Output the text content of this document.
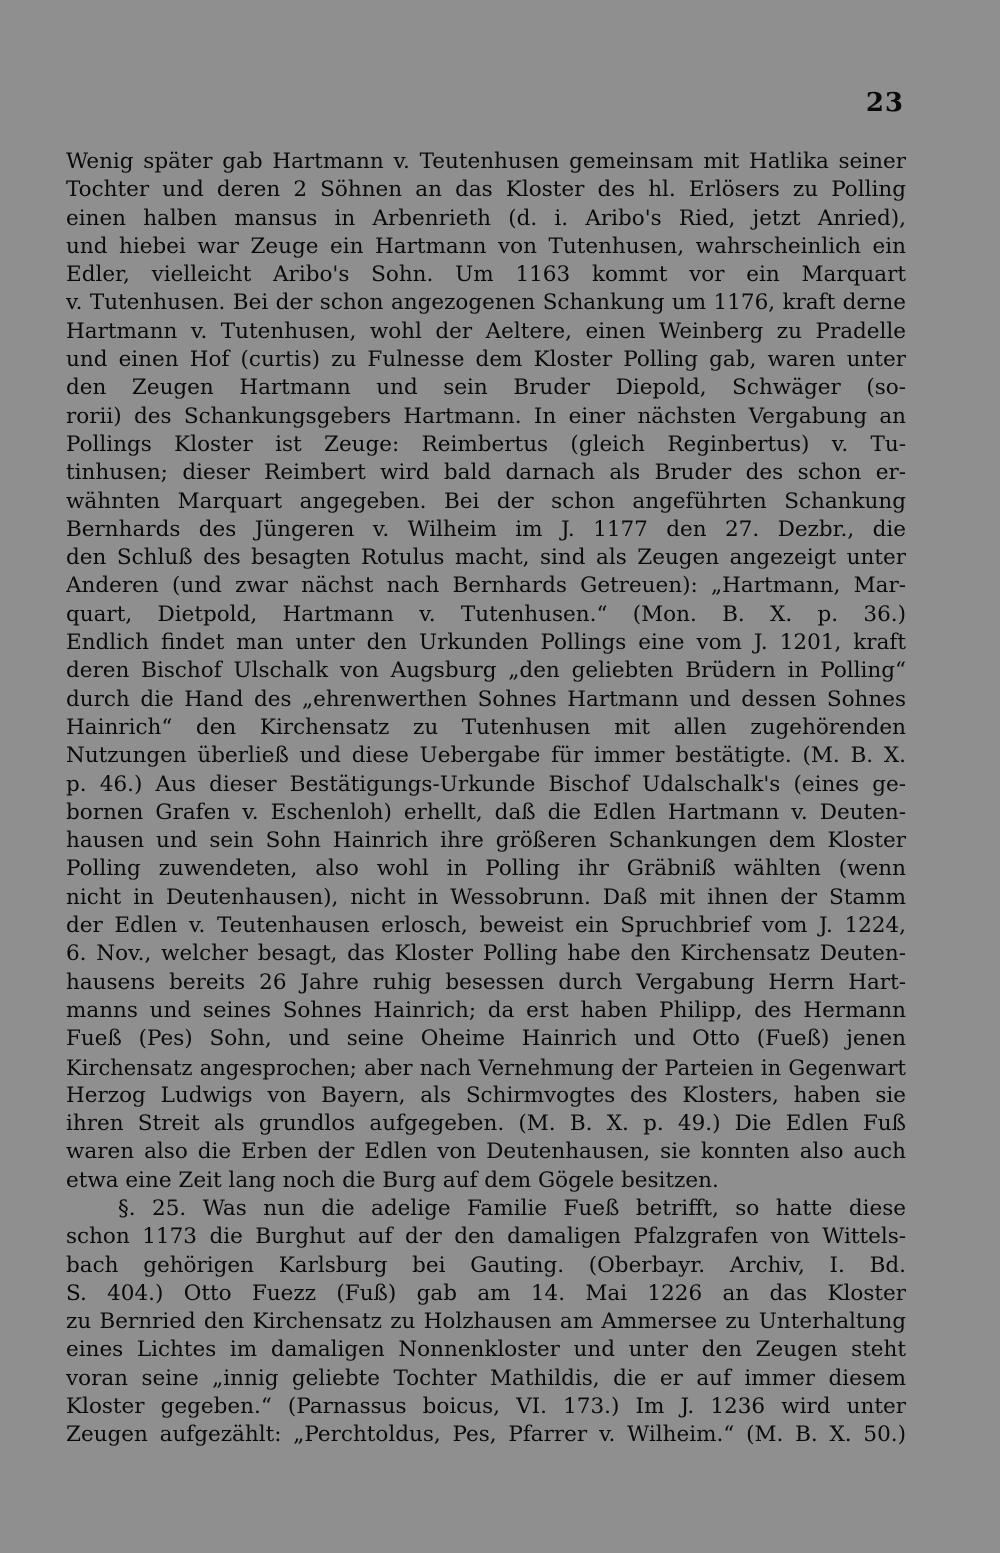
23
Wenig später gab Hartmann v. Teutenhusen gemeinsam mit Hatlika seiner
Tochter und deren 2 Söhnen an das Kloster des hl. Erlösers zu Polling
einen halben mansus in Arbenrieth (d. i. Aribo's Ried, jetzt Anried),
und hiebei war Zeuge ein Hartmann von Tutenhusen, wahrscheinlich ein
Edler, vielleicht Aribo's Sohn. Um 1163 kommt vor ein Marquart
v. Tutenhusen. Bei der schon angezogenen Schankung um 1176, kraft derne
Hartmann v. Tutenhusen, wohl der Aeltere, einen Weinberg zu Pradelle
und einen Hof (curtis) zu Fulnesse dem Kloster Polling gab, waren unter
den Zeugen Hartmann und sein Bruder Diepold, Schwäger (so-
rorii) des Schankungsgebers Hartmann. In einer nächsten Vergabung an
Pollings Kloster ist Zeuge: Reimbertus (gleich Reginbertus) v. Tu-
tinhusen; dieser Reimbert wird bald darnach als Bruder des schon er-
wähnten Marquart angegeben. Bei der schon angeführten Schankung
Bernhards des Jüngeren v. Wilheim im J. 1177 den 27. Dezbr., die
den Schluß des besagten Rotulus macht, sind als Zeugen angezeigt unter
Anderen (und zwar nächst nach Bernhards Getreuen): „Hartmann, Mar-
quart, Dietpold, Hartmann v. Tutenhusen.“ (Mon. B. X. p. 36.)
Endlich findet man unter den Urkunden Pollings eine vom J. 1201, kraft
deren Bischof Ulschalk von Augsburg „den geliebten Brüdern in Polling“
durch die Hand des „ehrenwerthen Sohnes Hartmann und dessen Sohnes
Hainrich“ den Kirchensatz zu Tutenhusen mit allen zugehörenden
Nutzungen überließ und diese Uebergabe für immer bestätigte. (M. B. X.
p. 46.) Aus dieser Bestätigungs-Urkunde Bischof Udalschalk's (eines ge-
bornen Grafen v. Eschenloh) erhellt, daß die Edlen Hartmann v. Deuten-
hausen und sein Sohn Hainrich ihre größeren Schankungen dem Kloster
Polling zuwendeten, also wohl in Polling ihr Gräbniß wählten (wenn
nicht in Deutenhausen), nicht in Wessobrunn. Daß mit ihnen der Stamm
der Edlen v. Teutenhausen erlosch, beweist ein Spruchbrief vom J. 1224,
6. Nov., welcher besagt, das Kloster Polling habe den Kirchensatz Deuten-
hausens bereits 26 Jahre ruhig besessen durch Vergabung Herrn Hart-
manns und seines Sohnes Hainrich; da erst haben Philipp, des Hermann
Fueß (Pes) Sohn, und seine Oheime Hainrich und Otto (Fueß) jenen
Kirchensatz angesprochen; aber nach Vernehmung der Parteien in Gegenwart
Herzog Ludwigs von Bayern, als Schirmvogtes des Klosters, haben sie
ihren Streit als grundlos aufgegeben. (M. B. X. p. 49.) Die Edlen Fuß
waren also die Erben der Edlen von Deutenhausen, sie konnten also auch
etwa eine Zeit lang noch die Burg auf dem Gögele besitzen.
§. 25. Was nun die adelige Familie Fueß betrifft, so hatte diese
schon 1173 die Burghut auf der den damaligen Pfalzgrafen von Wittels-
bach gehörigen Karlsburg bei Gauting. (Oberbayr. Archiv, I. Bd.
S. 404.) Otto Fuezz (Fuß) gab am 14. Mai 1226 an das Kloster
zu Bernried den Kirchensatz zu Holzhausen am Ammersee zu Unterhaltung
eines Lichtes im damaligen Nonnenkloster und unter den Zeugen steht
voran seine „innig geliebte Tochter Mathildis, die er auf immer diesem
Kloster gegeben.“ (Parnassus boicus, VI. 173.) Im J. 1236 wird unter
Zeugen aufgezählt: „Perchtoldus, Pes, Pfarrer v. Wilheim.“ (M. B. X. 50.)
